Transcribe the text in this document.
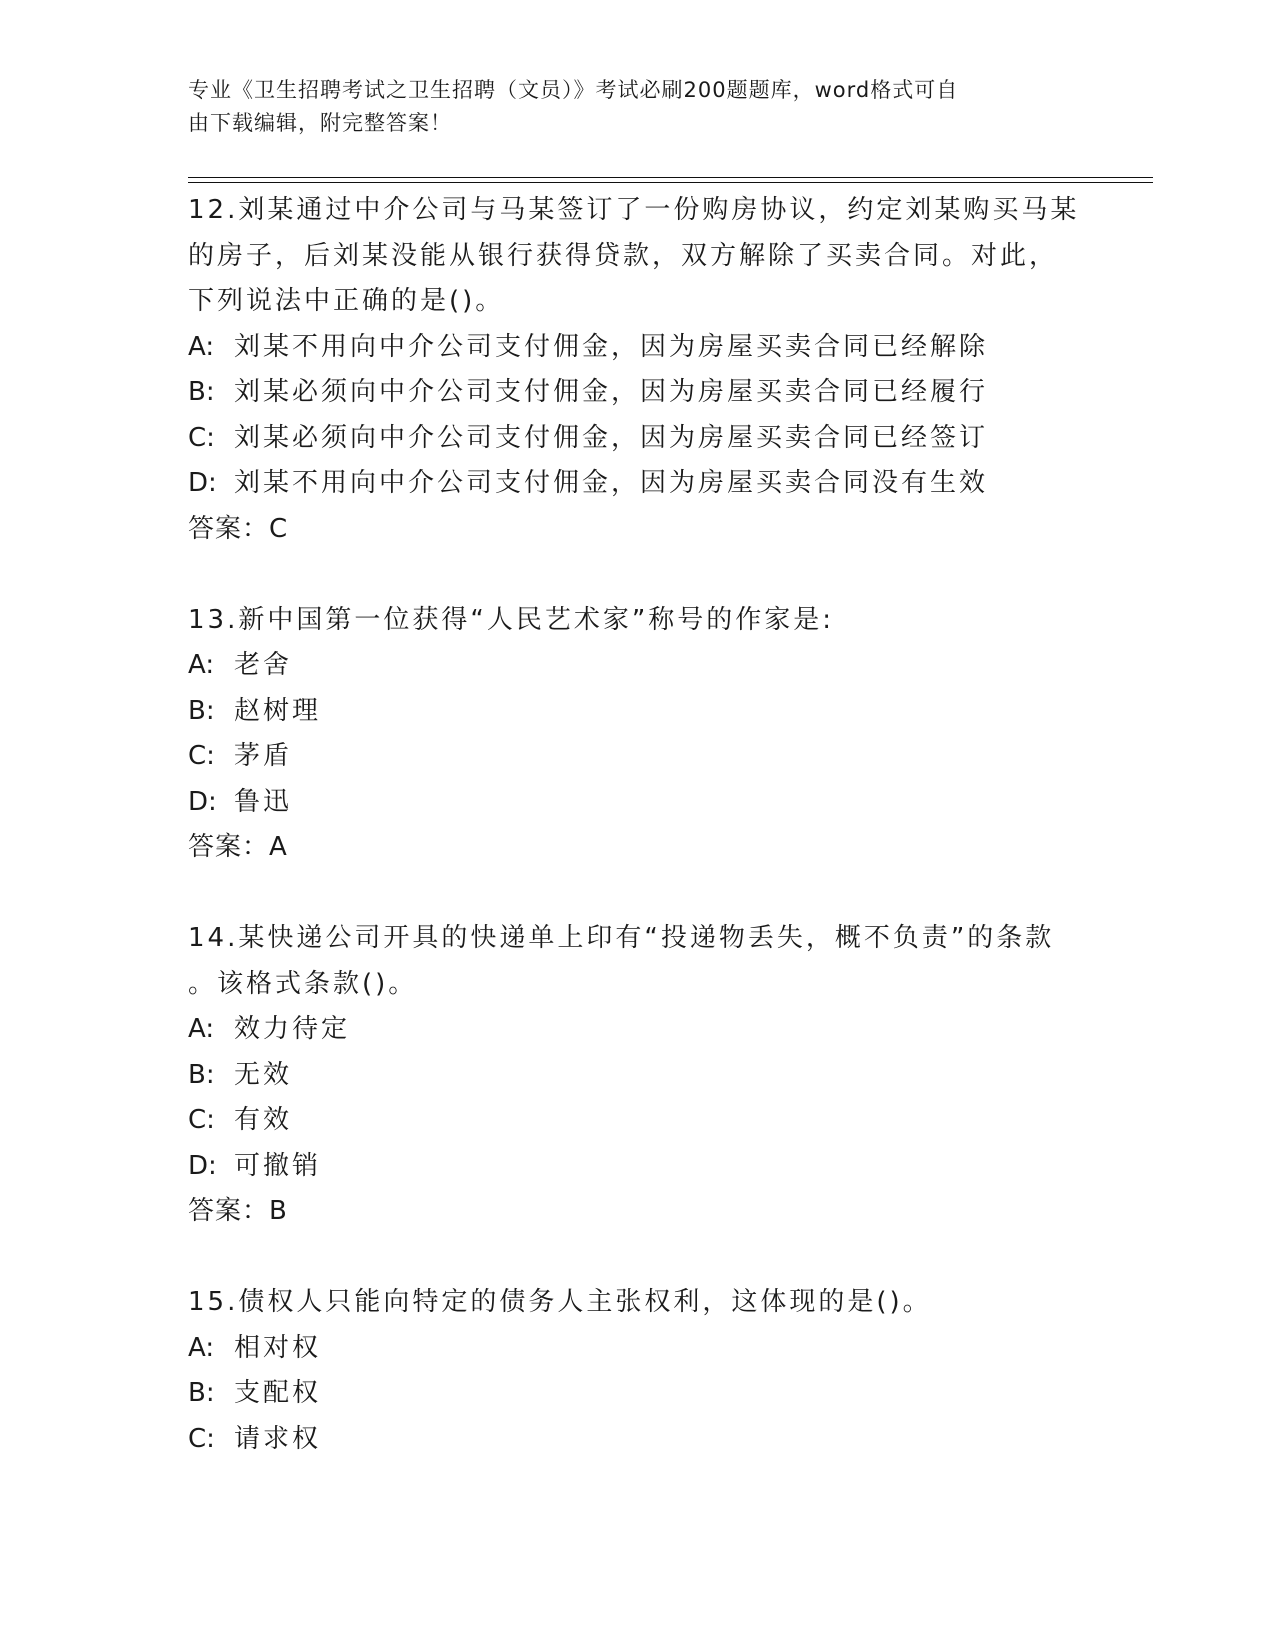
专业《卫生招聘考试之卫生招聘（文员）》考试必刷200题题库，word格式可自
由下载编辑，附完整答案！
12.刘某通过中介公司与马某签订了一份购房协议，约定刘某购买马某
的房子，后刘某没能从银行获得贷款，双方解除了买卖合同。对此，
下列说法中正确的是()。
A: 刘某不用向中介公司支付佣金，因为房屋买卖合同已经解除
B: 刘某必须向中介公司支付佣金，因为房屋买卖合同已经履行
C: 刘某必须向中介公司支付佣金，因为房屋买卖合同已经签订
D: 刘某不用向中介公司支付佣金，因为房屋买卖合同没有生效
答案：C
13.新中国第一位获得“人民艺术家”称号的作家是:
A: 老舍
B: 赵树理
C: 茅盾
D: 鲁迅
答案：A
14.某快递公司开具的快递单上印有“投递物丢失，概不负责”的条款
。该格式条款()。
A: 效力待定
B: 无效
C: 有效
D: 可撤销
答案：B
15.债权人只能向特定的债务人主张权利，这体现的是()。
A: 相对权
B: 支配权
C: 请求权
